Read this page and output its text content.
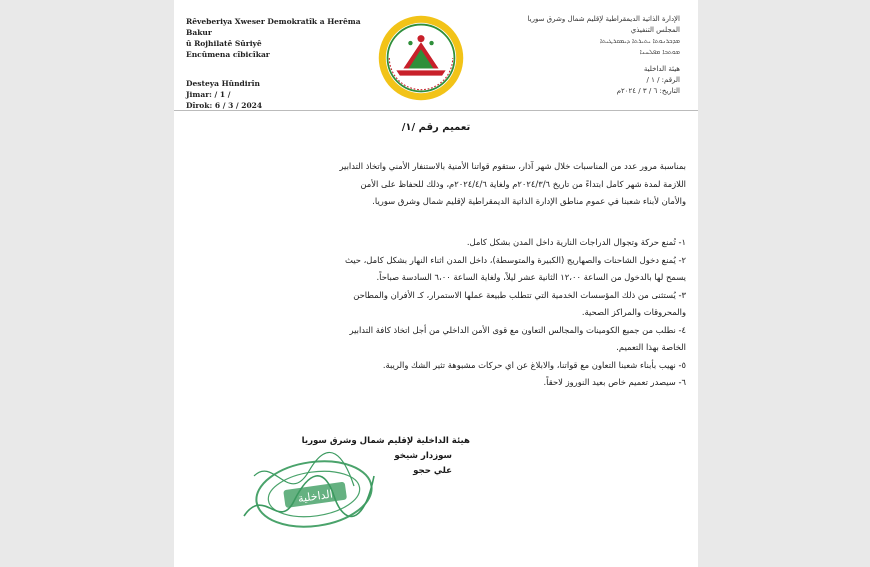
Rêveberiya Xweser Demokratîk a Herêma Bakur
û Rojhilatê Sûriyê
Encûmena cîbicîkar
Desteya Hûndirîn
Jimar: / 1 /
Dîrok: 6 / 3 / 2024
الإدارة الذاتية الديمقراطية لإقليم شمال وشرق سوريا
المجلس التنفيذي
ܡܕܒܪܢܘܬܐ ܝܬܝܪܬܐ ܕܝܡܩܪܛܝܬܐ
ܡܘܬܒܐ ܡܦܠܚܢܐ
هيئة الداخلية
الرقم: / ١ /
التاريخ: ٦ / ٣ / ٢٠٢٤م
تعميم رقم /١/

بمناسبة مرور عدد من المناسبات خلال شهر آذار، ستقوم قواتنا الأمنية بالاستنفار الأمني واتخاذ التدابير

اللازمة لمدة شهر كامل ابتداءً من تاريخ ٢٠٢٤/٣/٦م ولغاية ٢٠٢٤/٤/٦م، وذلك للحفاظ على الأمن

والأمان لأبناء شعبنا في عموم مناطق الإدارة الذاتية الديمقراطية لإقليم شمال وشرق سوريا.

١- تُمنع حركة وتجوال الدراجات النارية داخل المدن بشكل كامل.

٢- يُمنع دخول الشاحنات والصهاريج (الكبيرة والمتوسطة)، داخل المدن اثناء النهار بشكل كامل، حيث

يسمح لها بالدخول من الساعة ١٢،٠٠ الثانية عشر ليلاً، ولغاية الساعة ٦،٠٠ السادسة صباحاً.

٣- يُستثنى من ذلك المؤسسات الخدمية التي تتطلب طبيعة عملها الاستمرار، كـ الأفران والمطاحن

والمحروقات والمراكز الصحية.

٤- نطلب من جميع الكومينات والمجالس التعاون مع قوى الأمن الداخلي من أجل اتخاذ كافة التدابير

الخاصة بهذا التعميم.

٥- نهيب بأبناء شعبنا التعاون مع قواتنا، والابلاغ عن اي حركات مشبوهة تثير الشك والريبة.

٦- سيصدر تعميم خاص بعيد النوروز لاحقاً.

هيئة الداخلية لإقليم شمال وشرق سوريا
سوزدار شيخو
علي حجو
الداخلية
